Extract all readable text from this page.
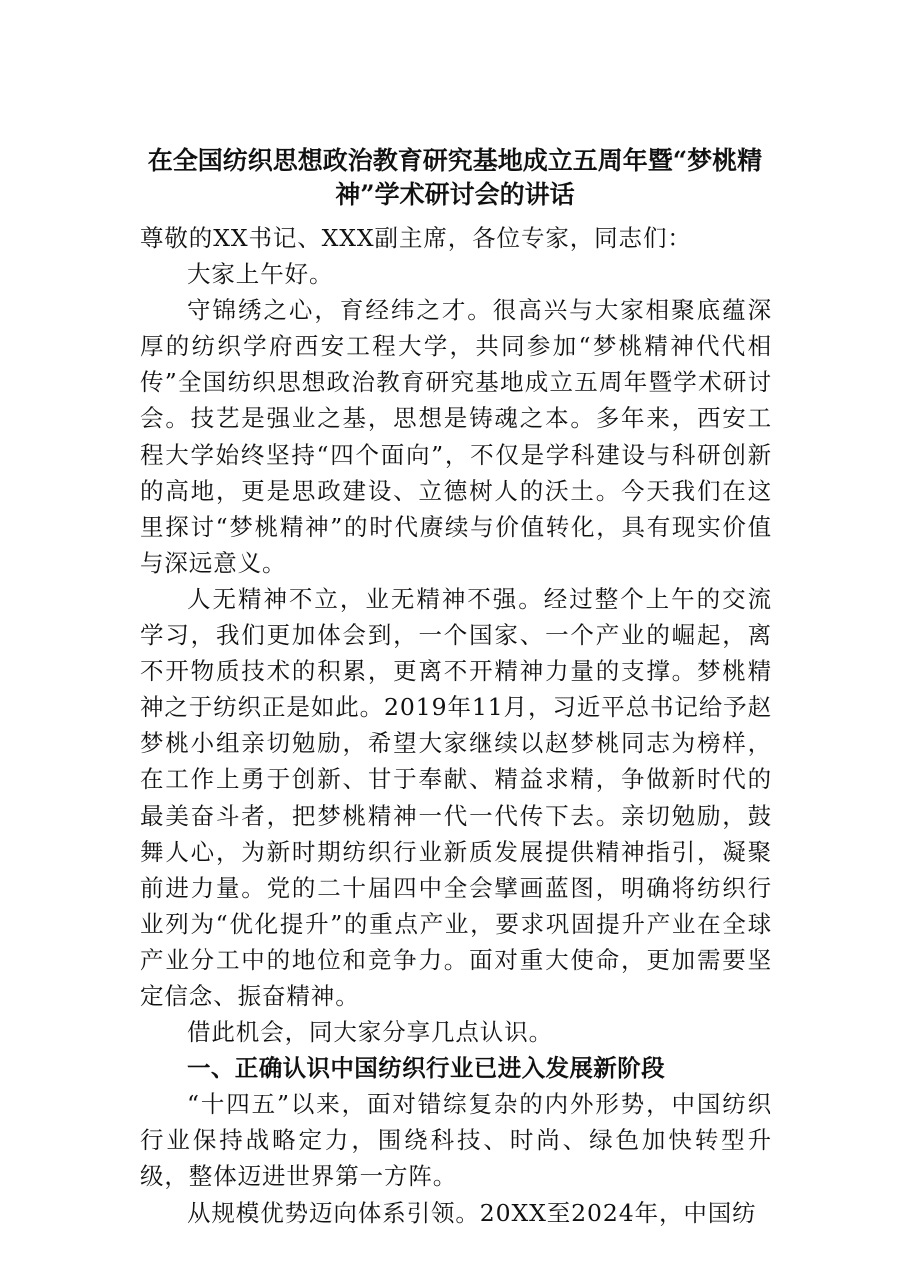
在全国纺织思想政治教育研究基地成立五周年暨“梦桃精神”学术研讨会的讲话

尊敬的XX书记、XXX副主席，各位专家，同志们：

大家上午好。

守锦绣之心，育经纬之才。很高兴与大家相聚底蕴深厚的纺织学府西安工程大学，共同参加“梦桃精神代代相传”全国纺织思想政治教育研究基地成立五周年暨学术研讨会。技艺是强业之基，思想是铸魂之本。多年来，西安工程大学始终坚持“四个面向”，不仅是学科建设与科研创新的高地，更是思政建设、立德树人的沃土。今天我们在这里探讨“梦桃精神”的时代赓续与价值转化，具有现实价值与深远意义。

人无精神不立，业无精神不强。经过整个上午的交流学习，我们更加体会到，一个国家、一个产业的崛起，离不开物质技术的积累，更离不开精神力量的支撑。梦桃精神之于纺织正是如此。2019年11月，习近平总书记给予赵梦桃小组亲切勉励，希望大家继续以赵梦桃同志为榜样，在工作上勇于创新、甘于奉献、精益求精，争做新时代的最美奋斗者，把梦桃精神一代一代传下去。亲切勉励，鼓舞人心，为新时期纺织行业新质发展提供精神指引，凝聚前进力量。党的二十届四中全会擘画蓝图，明确将纺织行业列为“优化提升”的重点产业，要求巩固提升产业在全球产业分工中的地位和竞争力。面对重大使命，更加需要坚定信念、振奋精神。

借此机会，同大家分享几点认识。

一、正确认识中国纺织行业已进入发展新阶段

“十四五”以来，面对错综复杂的内外形势，中国纺织行业保持战略定力，围绕科技、时尚、绿色加快转型升级，整体迈进世界第一方阵。

从规模优势迈向体系引领。20XX至2024年，中国纺
